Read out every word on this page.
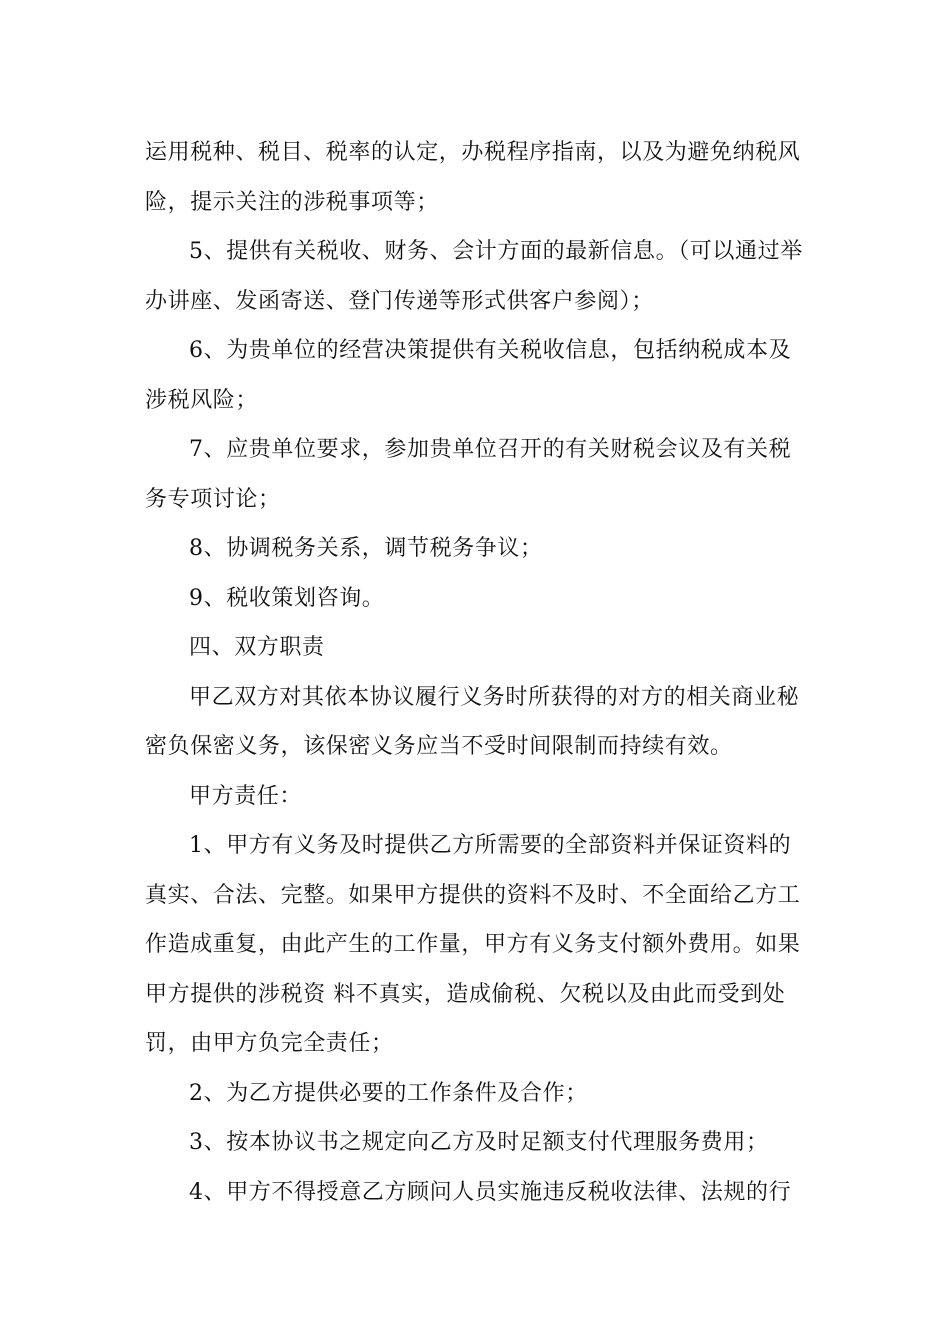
运用税种、税目、税率的认定，办税程序指南，以及为避免纳税风险，提示关注的涉税事项等；

5、提供有关税收、财务、会计方面的最新信息。（可以通过举办讲座、发函寄送、登门传递等形式供客户参阅）；

6、为贵单位的经营决策提供有关税收信息，包括纳税成本及涉税风险；

7、应贵单位要求，参加贵单位召开的有关财税会议及有关税务专项讨论；

8、协调税务关系，调节税务争议；

9、税收策划咨询。

四、双方职责

甲乙双方对其依本协议履行义务时所获得的对方的相关商业秘密负保密义务，该保密义务应当不受时间限制而持续有效。

甲方责任：

1、甲方有义务及时提供乙方所需要的全部资料并保证资料的真实、合法、完整。如果甲方提供的资料不及时、不全面给乙方工作造成重复，由此产生的工作量，甲方有义务支付额外费用。如果甲方提供的涉税资 料不真实，造成偷税、欠税以及由此而受到处罚，由甲方负完全责任；

2、为乙方提供必要的工作条件及合作；

3、按本协议书之规定向乙方及时足额支付代理服务费用；

4、甲方不得授意乙方顾问人员实施违反税收法律、法规的行
